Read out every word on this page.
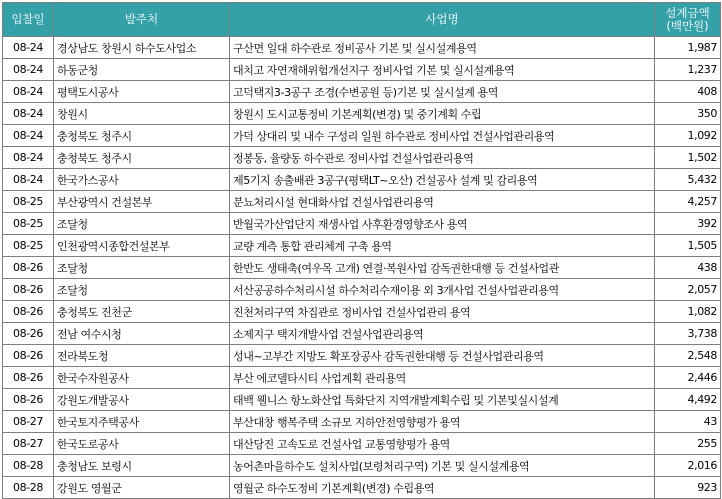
입찰일	발주처	사업명	설계금액
(백만원)
08-24	경상남도 창원시 하수도사업소	구산면 일대 하수관로 정비공사 기본 및 실시설계용역	1,987
08-24	하동군청	대치고 자연재해위험개선지구 정비사업 기본 및 실시설계용역	1,237
08-24	평택도시공사	고덕택지3-3공구 조경(수변공원 등)기본 및 실시설계 용역	408
08-24	창원시	창원시 도시교통정비 기본계획(변경) 및 중기계획 수립	350
08-24	충청북도 청주시	가덕 상대리 및 내수 구성리 일원 하수관로 정비사업 건설사업관리용역	1,092
08-24	충청북도 청주시	정봉동, 율량동 하수관로 정비사업 건설사업관리용역	1,502
08-24	한국가스공사	제5기지 송출배관 3공구(평택LT~오산) 건설공사 설계 및 감리용역	5,432
08-25	부산광역시 건설본부	분뇨처리시설 현대화사업 건설사업관리용역	4,257
08-25	조달청	반월국가산업단지 재생사업 사후환경영향조사 용역	392
08-25	인천광역시종합건설본부	교량 계측 통합 관리체계 구축 용역	1,505
08-26	조달청	한반도 생태축(여우목 고개) 연결·복원사업 감독권한대행 등 건설사업관	438
08-26	조달청	서산공공하수처리시설 하수처리수재이용 외 3개사업 건설사업관리용역	2,057
08-26	충청북도 진천군	진천처리구역 차집관로 정비사업 건설사업관리 용역	1,082
08-26	전남 여수시청	소제지구 택지개발사업 건설사업관리용역	3,738
08-26	전라북도청	성내~고부간 지방도 확포장공사 감독권한대행 등 건설사업관리용역	2,548
08-26	한국수자원공사	부산 에코델타시티 사업계획 관리용역	2,446
08-26	강원도개발공사	태백 웰니스 항노화산업 특화단지 지역개발계획수립 및 기본및실시설계	4,492
08-27	한국토지주택공사	부산대창 행복주택 소규모 지하안전영향평가 용역	43
08-27	한국도로공사	대산당진 고속도로 건설사업 교통영향평가 용역	255
08-28	충청남도 보령시	농어촌마을하수도 설치사업(보령처리구역) 기본 및 실시설계용역	2,016
08-28	강원도 영월군	영월군 하수도정비 기본계획(변경) 수립용역	923
